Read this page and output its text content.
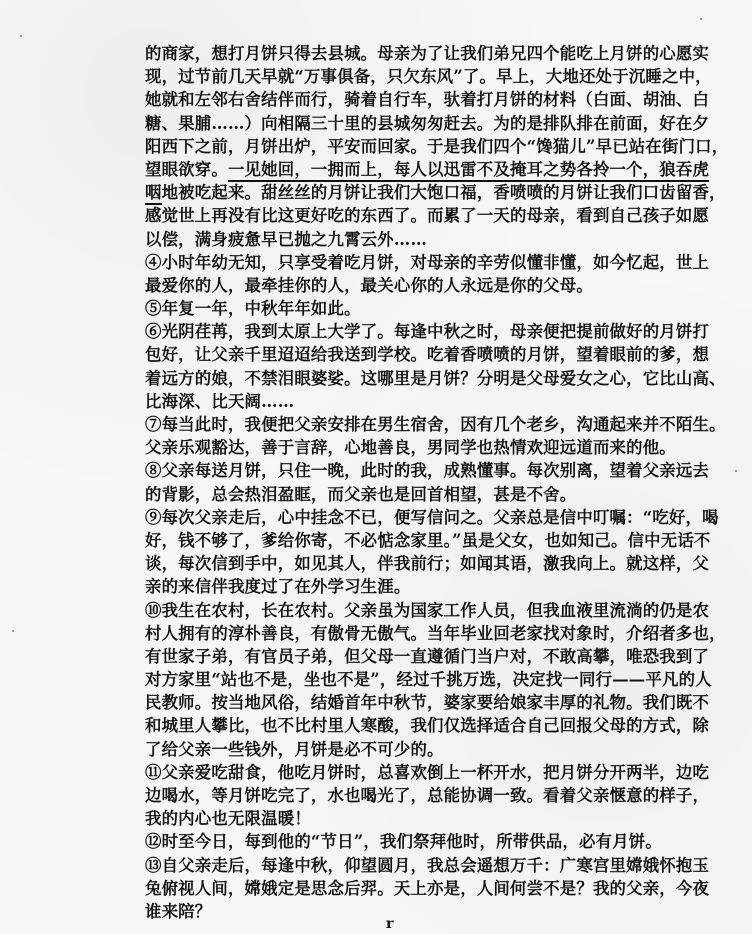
的商家，想打月饼只得去县城。母亲为了让我们弟兄四个能吃上月饼的心愿实
现，过节前几天早就“万事俱备，只欠东风”了。早上，大地还处于沉睡之中，
她就和左邻右舍结伴而行，骑着自行车，驮着打月饼的材料（白面、胡油、白
糖、果脯……）向相隔三十里的县城匆匆赶去。为的是排队排在前面，好在夕
阳西下之前，月饼出炉，平安而回家。于是我们四个“馋猫儿”早已站在街门口，
望眼欲穿。一见她回，一拥而上，每人以迅雷不及掩耳之势各拎一个，狼吞虎
咽地被吃起来。甜丝丝的月饼让我们大饱口福，香喷喷的月饼让我们口齿留香，
感觉世上再没有比这更好吃的东西了。而累了一天的母亲，看到自己孩子如愿
以偿，满身疲惫早已抛之九霄云外……
④小时年幼无知，只享受着吃月饼，对母亲的辛劳似懂非懂，如今忆起，世上
最爱你的人，最牵挂你的人，最关心你的人永远是你的父母。
⑤年复一年，中秋年年如此。
⑥光阴荏苒，我到太原上大学了。每逢中秋之时，母亲便把提前做好的月饼打
包好，让父亲千里迢迢给我送到学校。吃着香喷喷的月饼，望着眼前的爹，想
着远方的娘，不禁泪眼婆娑。这哪里是月饼？分明是父母爱女之心，它比山高、
比海深、比天阔……
⑦每当此时，我便把父亲安排在男生宿舍，因有几个老乡，沟通起来并不陌生。
父亲乐观豁达，善于言辞，心地善良，男同学也热情欢迎远道而来的他。
⑧父亲每送月饼，只住一晚，此时的我，成熟懂事。每次别离，望着父亲远去
的背影，总会热泪盈眶，而父亲也是回首相望，甚是不舍。
⑨每次父亲走后，心中挂念不已，便写信问之。父亲总是信中叮嘱：“吃好，喝
好，钱不够了，爹给你寄，不必惦念家里。”虽是父女，也如知己。信中无话不
谈，每次信到手中，如见其人，伴我前行；如闻其语，激我向上。就这样，父
亲的来信伴我度过了在外学习生涯。
⑩我生在农村，长在农村。父亲虽为国家工作人员，但我血液里流淌的仍是农
村人拥有的淳朴善良，有傲骨无傲气。当年毕业回老家找对象时，介绍者多也，
有世家子弟，有官员子弟，但父母一直遵循门当户对，不敢高攀，唯恐我到了
对方家里“站也不是，坐也不是”，经过千挑万选，决定找一同行——平凡的人
民教师。按当地风俗，结婚首年中秋节，婆家要给娘家丰厚的礼物。我们既不
和城里人攀比，也不比村里人寒酸，我们仅选择适合自己回报父母的方式，除
了给父亲一些钱外，月饼是必不可少的。
⑪父亲爱吃甜食，他吃月饼时，总喜欢倒上一杯开水，把月饼分开两半，边吃
边喝水，等月饼吃完了，水也喝光了，总能协调一致。看着父亲惬意的样子，
我的内心也无限温暖！
⑫时至今日，每到他的“节日”，我们祭拜他时，所带供品，必有月饼。
⑬自父亲走后，每逢中秋，仰望圆月，我总会遥想万千：广寒宫里嫦娥怀抱玉
兔俯视人间，嫦娥定是思念后羿。天上亦是，人间何尝不是？我的父亲，今夜
谁来陪？
r
